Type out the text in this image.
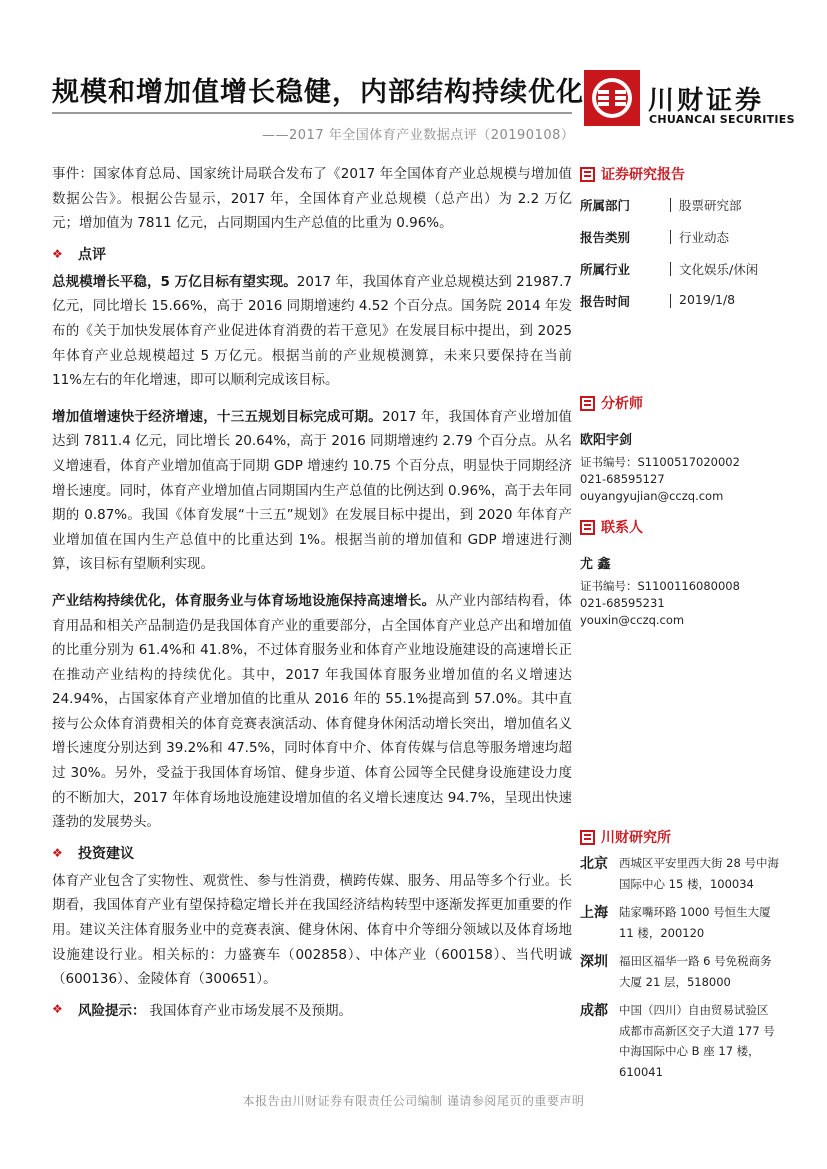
规模和增加值增长稳健，内部结构持续优化
——2017 年全国体育产业数据点评（20190108）
川财证券
CHUANCAI SECURITIES

事件：国家体育总局、国家统计局联合发布了《2017 年全国体育产业总规模与增加值数据公告》。根据公告显示，2017 年，全国体育产业总规模（总产出）为 2.2 万亿元；增加值为 7811 亿元，占同期国内生产总值的比重为 0.96%。

❖ 点评

总规模增长平稳，5 万亿目标有望实现。2017 年，我国体育产业总规模达到 21987.7 亿元，同比增长 15.66%，高于 2016 同期增速约 4.52 个百分点。国务院 2014 年发布的《关于加快发展体育产业促进体育消费的若干意见》在发展目标中提出，到 2025 年体育产业总规模超过 5 万亿元。根据当前的产业规模测算，未来只要保持在当前 11%左右的年化增速，即可以顺利完成该目标。

增加值增速快于经济增速，十三五规划目标完成可期。2017 年，我国体育产业增加值达到 7811.4 亿元，同比增长 20.64%，高于 2016 同期增速约 2.79 个百分点。从名义增速看，体育产业增加值高于同期 GDP 增速约 10.75 个百分点，明显快于同期经济增长速度。同时，体育产业增加值占同期国内生产总值的比例达到 0.96%，高于去年同期的 0.87%。我国《体育发展“十三五”规划》在发展目标中提出，到 2020 年体育产业增加值在国内生产总值中的比重达到 1%。根据当前的增加值和 GDP 增速进行测算，该目标有望顺利实现。

产业结构持续优化，体育服务业与体育场地设施保持高速增长。从产业内部结构看，体育用品和相关产品制造仍是我国体育产业的重要部分，占全国体育产业总产出和增加值的比重分别为 61.4%和 41.8%，不过体育服务业和体育产业地设施建设的高速增长正在推动产业结构的持续优化。其中，2017 年我国体育服务业增加值的名义增速达 24.94%，占国家体育产业增加值的比重从 2016 年的 55.1%提高到 57.0%。其中直接与公众体育消费相关的体育竞赛表演活动、体育健身休闲活动增长突出，增加值名义增长速度分别达到 39.2%和 47.5%，同时体育中介、体育传媒与信息等服务增速均超过 30%。另外，受益于我国体育场馆、健身步道、体育公园等全民健身设施建设力度的不断加大，2017 年体育场地设施建设增加值的名义增长速度达 94.7%，呈现出快速蓬勃的发展势头。

❖ 投资建议

体育产业包含了实物性、观赏性、参与性消费，横跨传媒、服务、用品等多个行业。长期看，我国体育产业有望保持稳定增长并在我国经济结构转型中逐渐发挥更加重要的作用。建议关注体育服务业中的竞赛表演、健身休闲、体育中介等细分领域以及体育场地设施建设行业。相关标的：力盛赛车（002858）、中体产业（600158）、当代明诚（600136）、金陵体育（300651）。

❖ 风险提示： 我国体育产业市场发展不及预期。
证券研究报告
所属部门	股票研究部
报告类别	行业动态
所属行业	文化娱乐/休闲
报告时间	2019/1/8
分析师
欧阳宇剑
证书编号：S1100517020002
021-68595127
ouyangyujian@cczq.com
联系人
尤 鑫
证书编号：S1100116080008
021-68595231
youxin@cczq.com
川财研究所
北京 西城区平安里西大街 28 号中海国际中心 15 楼，100034
上海 陆家嘴环路 1000 号恒生大厦 11 楼，200120
深圳 福田区福华一路 6 号免税商务大厦 21 层，518000
成都 中国（四川）自由贸易试验区成都市高新区交子大道 177 号中海国际中心 B 座 17 楼，610041
本报告由川财证券有限责任公司编制 谨请参阅尾页的重要声明
